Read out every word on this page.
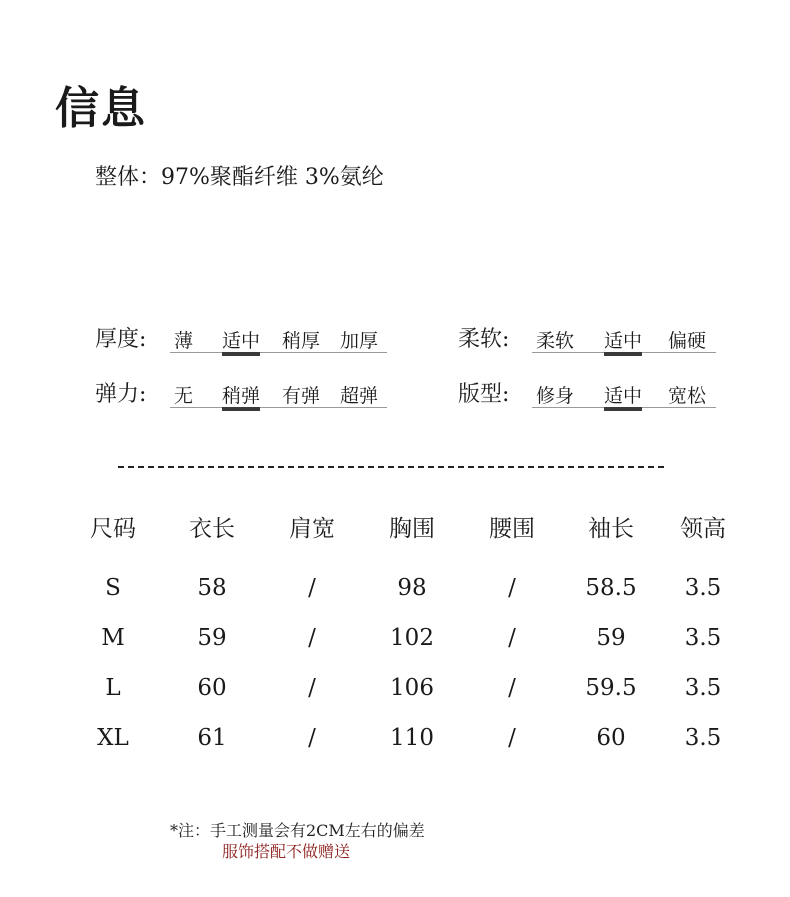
信息
整体：97%聚酯纤维 3%氨纶
厚度: 薄 适中 稍厚 加厚	柔软: 柔软 适中 偏硬
弹力: 无 稍弹 有弹 超弹	版型: 修身 适中 宽松
尺码	衣长	肩宽	胸围	腰围	袖长	领高
S	58	/	98	/	58.5	3.5
M	59	/	102	/	59	3.5
L	60	/	106	/	59.5	3.5
XL	61	/	110	/	60	3.5
*注：手工测量会有2CM左右的偏差
服饰搭配不做赠送
